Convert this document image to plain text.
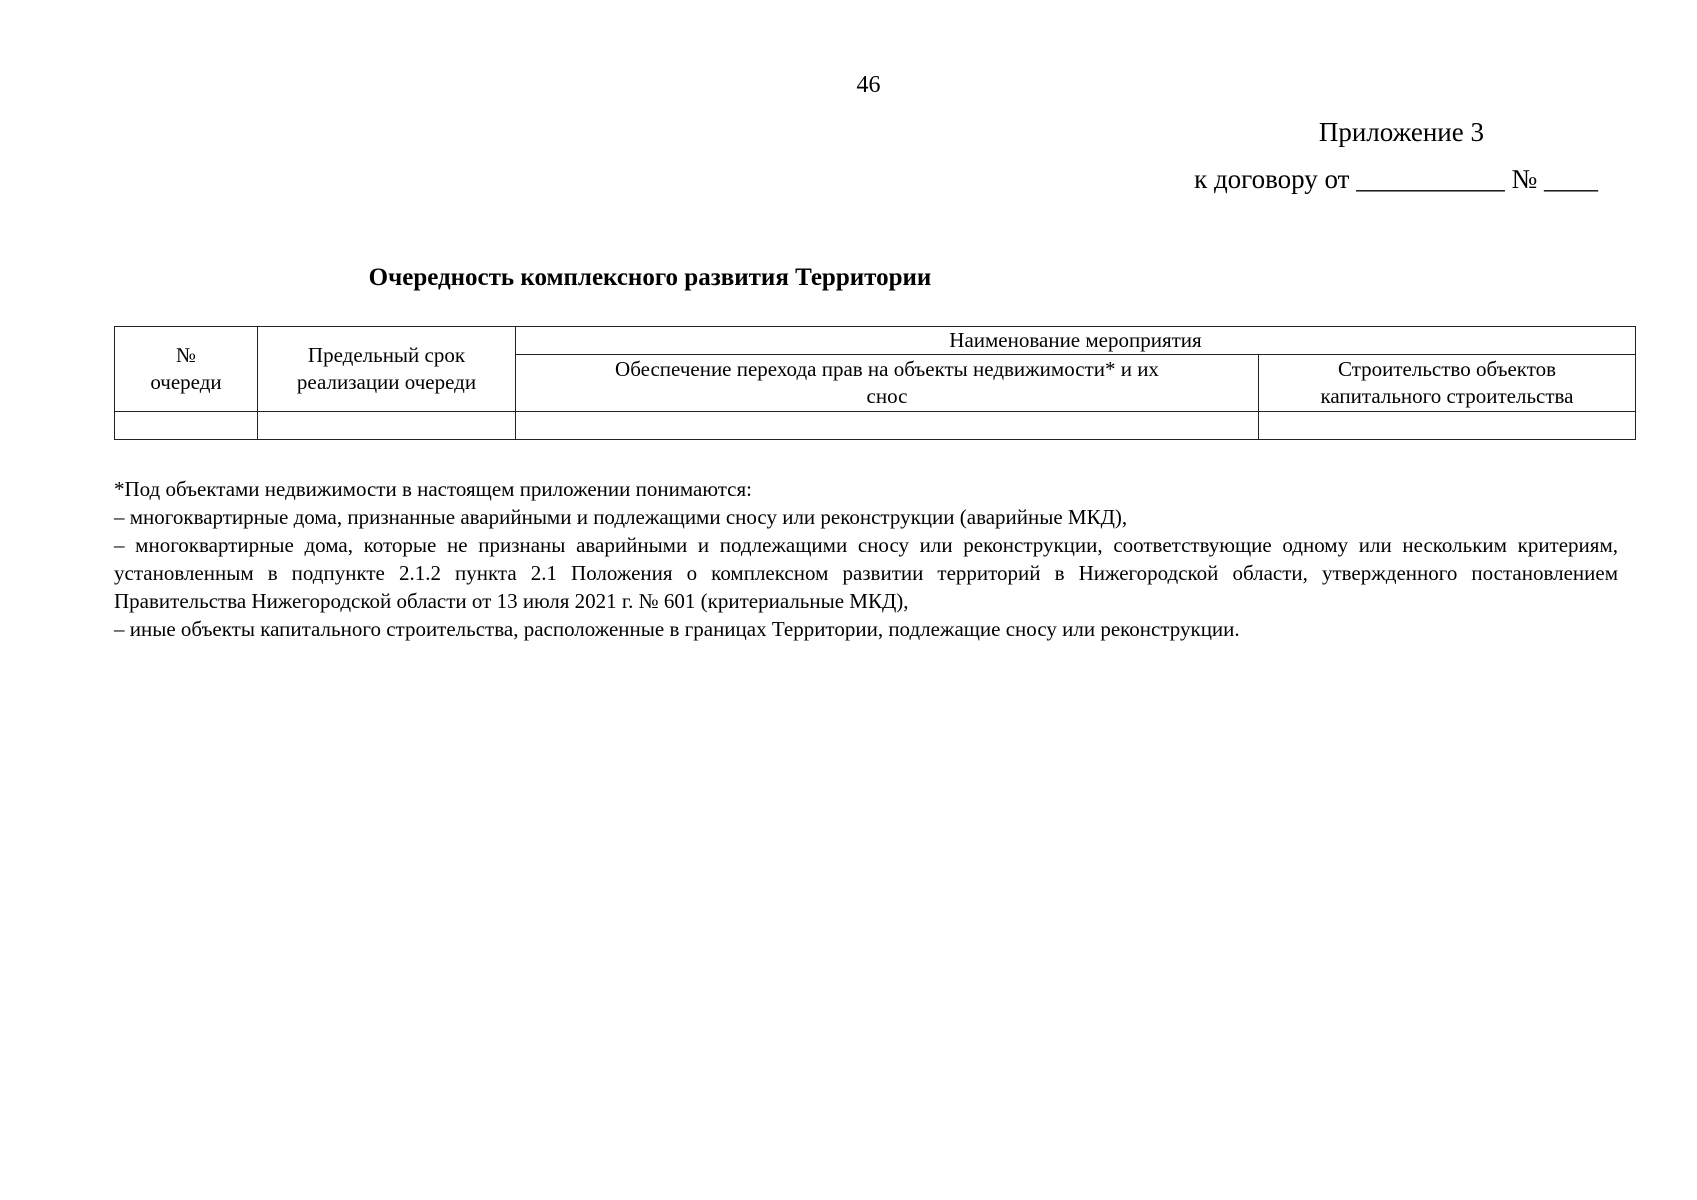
46
Приложение 3
к договору от ___________ № ____
Очередность комплексного развития Территории
№ очереди	Предельный срок реализации очереди	Наименование мероприятия	
		Обеспечение перехода прав на объекты недвижимости* и их снос	Строительство объектов капитального строительства

*Под объектами недвижимости в настоящем приложении понимаются:

– многоквартирные дома, признанные аварийными и подлежащими сносу или реконструкции (аварийные МКД),

– многоквартирные дома, которые не признаны аварийными и подлежащими сносу или реконструкции, соответствующие одному или нескольким критериям, установленным в подпункте 2.1.2 пункта 2.1 Положения о комплексном развитии территорий в Нижегородской области, утвержденного постановлением Правительства Нижегородской области от 13 июля 2021 г. № 601 (критериальные МКД),

– иные объекты капитального строительства, расположенные в границах Территории, подлежащие сносу или реконструкции.
